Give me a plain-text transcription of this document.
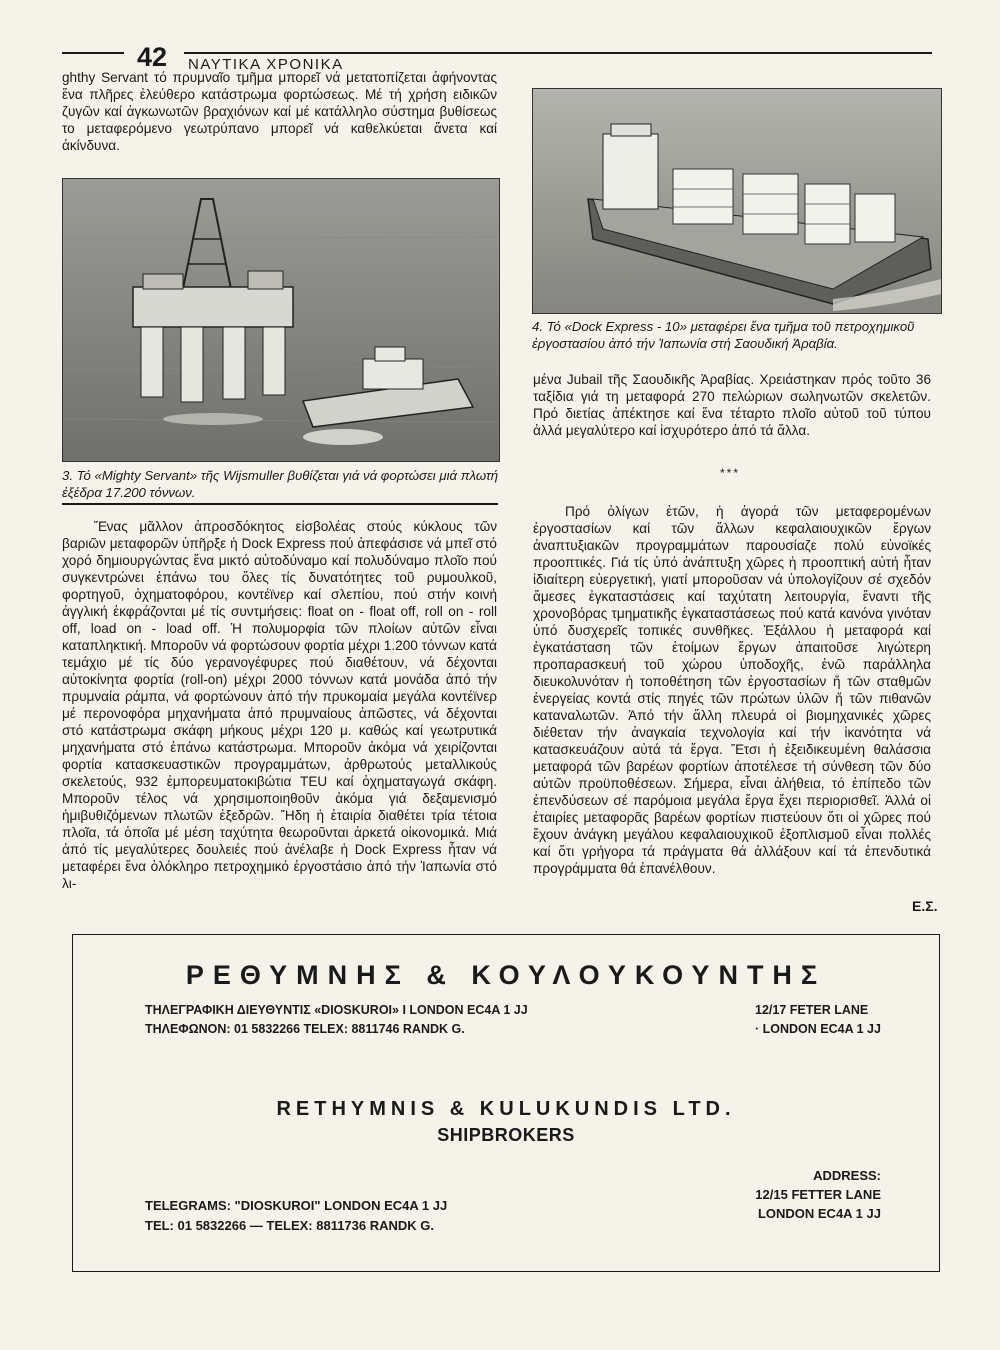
42 ΝΑΥΤΙΚΑ ΧΡΟΝΙΚΑ

ghthy Servant τό πρυμναῖο τμῆμα μπορεῖ νά μετατοπίζεται ἀφήνοντας ἕνα πλῆρες ἐλεύθερο κατάστρωμα φορτώσεως. Μέ τή χρήση ειδικῶν ζυγῶν καί ἀγκωνωτῶν βραχιόνων καί μέ κατάλληλο σύστημα βυθίσεως το μεταφερόμενο γεωτρύπανο μπορεῖ νά καθελκύεται ἄνετα καί ἀκίνδυνα.

3. Τό «Mighty Servant» τῆς Wijsmuller βυθίζεται γιά νά φορτώσει μιά πλωτή ἐξέδρα 17.200 τόννων.

Ἕνας μᾶλλον ἀπροσδόκητος εἰσβολέας στούς κύκλους τῶν βαριῶν μεταφορῶν ὑπῆρξε ἡ Dock Express πού ἀπεφάσισε νά μπεῖ στό χορό δημιουργώντας ἕνα μικτό αὐτοδύναμο καί πολυδύναμο πλοῖο πού συγκεντρώνει ἐπάνω του ὅλες τίς δυνατότητες τοῦ ρυμουλκοῦ, φορτηγοῦ, ὀχηματοφόρου, κοντέϊνερ καί σλεπίου, πού στήν κοινή ἀγγλική ἐκφράζονται μέ τίς συντμήσεις: float on - float off, roll on - roll off, load on - load off. Ἡ πολυμορφία τῶν πλοίων αὐτῶν εἶναι καταπληκτική. Μποροῦν νά φορτώσουν φορτία μέχρι 1.200 τόννων κατά τεμάχιο μέ τίς δύο γερανογέφυρες πού διαθέτουν, νά δέχονται αὐτοκίνητα φορτία (roll-on) μέχρι 2000 τόννων κατά μονάδα ἀπό τήν πρυμναία ράμπα, νά φορτώνουν ἀπό τήν πρυκομαία μεγάλα κοντέϊνερ μέ περονοφόρα μηχανήματα ἀπό πρυμναίους ἀπῶστες, νά δέχονται στό κατάστρωμα σκάφη μήκους μέχρι 120 μ. καθώς καί γεωτρυτικά μηχανήματα στό ἐπάνω κατάστρωμα. Μποροῦν ἀκόμα νά χειρίζονται φορτία κατασκευαστικῶν προγραμμάτων, ἀρθρωτούς μεταλλικούς σκελετούς, 932 ἐμπορευματοκιβώτια TEU καί ὀχηματαγωγά σκάφη. Μποροῦν τέλος νά χρησιμοποιηθοῦν ἀκόμα γιά δεξαμενισμό ἡμιβυθιζόμενων πλωτῶν ἐξεδρῶν. Ἤδη ἡ ἑταιρία διαθέτει τρία τέτοια πλοῖα, τά ὁποῖα μέ μέση ταχύτητα θεωροῦνται ἀρκετά οἰκονομικά. Μιά ἀπό τίς μεγαλύτερες δουλειές πού ἀνέλαβε ἡ Dock Express ἦταν νά μεταφέρει ἕνα ὁλόκληρο πετροχημικό ἐργοστάσιο ἀπό τήν Ἰαπωνία στό λι-

4. Τό «Dock Express - 10» μεταφέρει ἕνα τμῆμα τοῦ πετροχημικοῦ ἐργοστασίου ἀπό τήν Ἰαπωνία στή Σαουδική Ἀραβία.

μένα Jubail τῆς Σαουδικῆς Ἀραβίας. Χρειάστηκαν πρός τοῦτο 36 ταξίδια γιά τη μεταφορά 270 πελώριων σωληνωτῶν σκελετῶν. Πρό διετίας ἀπέκτησε καί ἕνα τέταρτο πλοῖο αὐτοῦ τοῦ τύπου ἀλλά μεγαλύτερο καί ἰσχυρότερο ἀπό τά ἄλλα.

***

Πρό ὀλίγων ἐτῶν, ἡ ἀγορά τῶν μεταφερομένων ἐργοστασίων καί τῶν ἄλλων κεφαλαιουχικῶν ἔργων ἀναπτυξιακῶν προγραμμάτων παρουσίαζε πολύ εὐνοϊκές προοπτικές. Γιά τίς ὑπό ἀνάπτυξη χῶρες ἡ προοπτική αὐτή ἦταν ἰδιαίτερη εὐεργετική, γιατί μποροῦσαν νά ὑπολογίζουν σέ σχεδόν ἄμεσες ἐγκαταστάσεις καί ταχύτατη λειτουργία, ἔναντι τῆς χρονοβόρας τμηματικῆς ἐγκαταστάσεως πού κατά κανόνα γινόταν ὑπό δυσχερεῖς τοπικές συνθῆκες. Ἐξάλλου ἡ μεταφορά καί ἐγκατάσταση τῶν ἑτοίμων ἔργων ἀπαιτοῦσε λιγώτερη προπαρασκευή τοῦ χώρου ὑποδοχῆς, ἐνῶ παράλληλα διευκολυνόταν ἡ τοποθέτηση τῶν ἐργοστασίων ἤ τῶν σταθμῶν ἐνεργείας κοντά στίς πηγές τῶν πρώτων ὑλῶν ἤ τῶν πιθανῶν καταναλωτῶν. Ἀπό τήν ἄλλη πλευρά οἱ βιομηχανικές χῶρες διέθεταν τήν ἀναγκαία τεχνολογία καί τήν ἱκανότητα νά κατασκευάζουν αὐτά τά ἔργα. Ἔτσι ἡ ἐξειδικευμένη θαλάσσια μεταφορά τῶν βαρέων φορτίων ἀποτέλεσε τή σύνθεση τῶν δύο αὐτῶν προϋποθέσεων. Σήμερα, εἶναι ἀλήθεια, τό ἐπίπεδο τῶν ἐπενδύσεων σέ παρόμοια μεγάλα ἔργα ἔχει περιορισθεῖ. Ἀλλά οἱ ἑταιρίες μεταφορᾶς βαρέων φορτίων πιστεύουν ὅτι οἱ χῶρες πού ἔχουν ἀνάγκη μεγάλου κεφαλαιουχικοῦ ἐξοπλισμοῦ εἶναι πολλές καί ὅτι γρήγορα τά πράγματα θά ἀλλάξουν καί τά ἐπενδυτικά προγράμματα θά ἐπανέλθουν.

Ε.Σ.
ΡΕΘΥΜΝΗΣ & ΚΟΥΛΟΥΚΟΥΝΤΗΣ
ΤΗΛΕΓΡΑΦΙΚΗ ΔΙΕΥΘΥΝΤΙΣ «DIOSKUROI» I LONDON EC4A 1 JJ
ΤΗΛΕΦΩΝΟΝ: 01 5832266 TELEX: 8811746 RANDK G.
12/17 FETER LANE
· LONDON EC4A 1 JJ
RETHYMNIS & KULUKUNDIS LTD.
SHIPBROKERS
ADDRESS:
12/15 FETTER LANE
LONDON EC4A 1 JJ
TELEGRAMS: "DIOSKUROI" LONDON EC4A 1 JJ
TEL: 01 5832266 — TELEX: 8811736 RANDK G.
